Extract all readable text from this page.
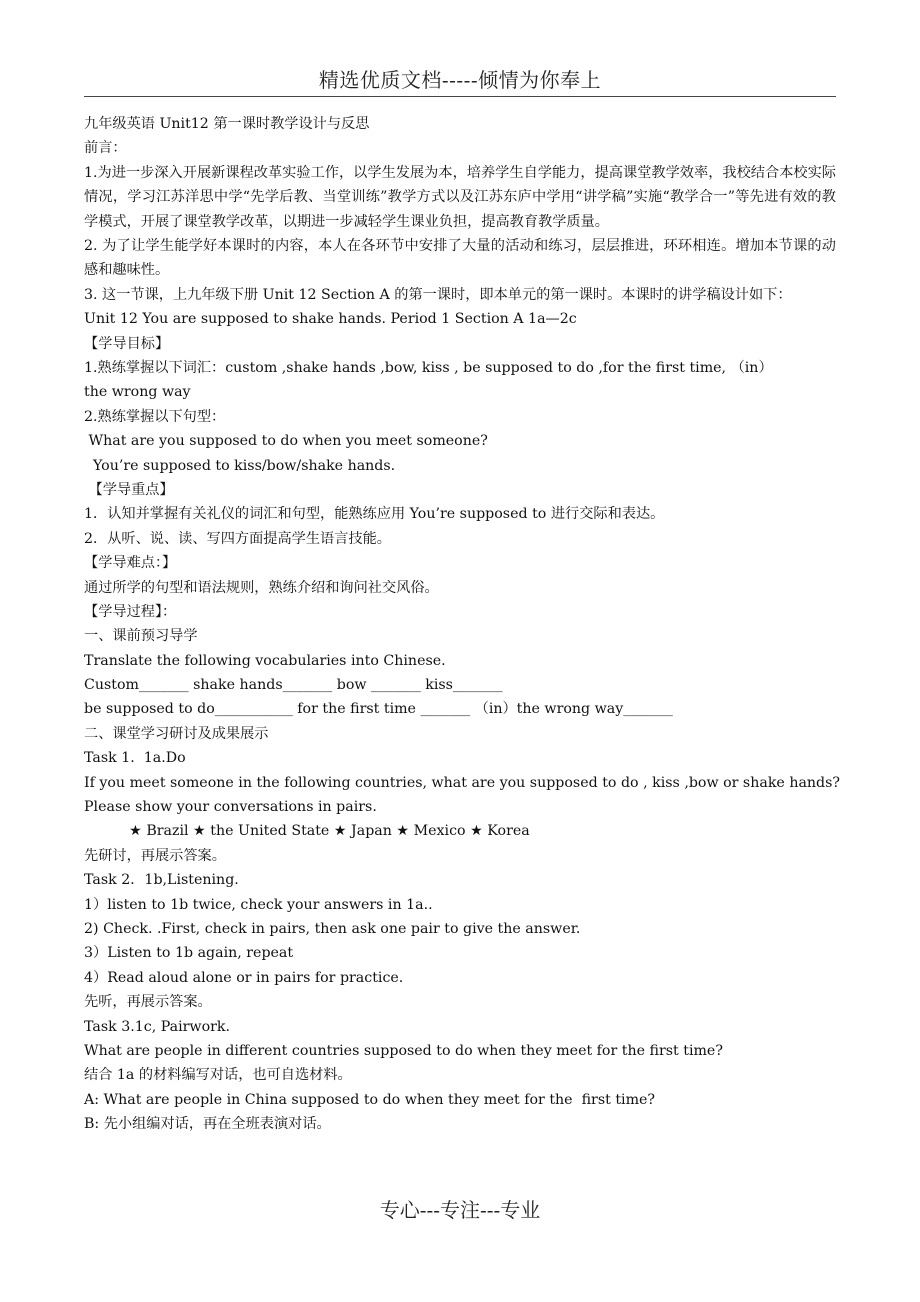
精选优质文档-----倾情为你奉上
九年级英语 Unit12 第一课时教学设计与反思
前言：
1.为进一步深入开展新课程改革实验工作，以学生发展为本，培养学生自学能力，提高课堂教学效率，我校结合本校实际情况，学习江苏洋思中学“先学后教、当堂训练”教学方式以及江苏东庐中学用“讲学稿”实施“教学合一”等先进有效的教学模式，开展了课堂教学改革，以期进一步减轻学生课业负担，提高教育教学质量。
2. 为了让学生能学好本课时的内容，本人在各环节中安排了大量的活动和练习，层层推进，环环相连。增加本节课的动感和趣味性。
3. 这一节课，上九年级下册 Unit 12 Section A 的第一课时，即本单元的第一课时。本课时的讲学稿设计如下：
Unit 12 You are supposed to shake hands. Period 1 Section A 1a—2c
【学导目标】
1.熟练掌握以下词汇：custom ,shake hands ,bow, kiss , be supposed to do ,for the first time, （in）
the wrong way
2.熟练掌握以下句型：
What are you supposed to do when you meet someone?
You’re supposed to kiss/bow/shake hands.
【学导重点】
1．认知并掌握有关礼仪的词汇和句型，能熟练应用 You’re supposed to 进行交际和表达。
2．从听、说、读、写四方面提高学生语言技能。
【学导难点：】
通过所学的句型和语法规则，熟练介绍和询问社交风俗。
【学导过程】：
一、课前预习导学
Translate the following vocabularies into Chinese.
Custom_______ shake hands_______ bow _______ kiss_______
be supposed to do___________ for the first time _______ （in）the wrong way_______
二、课堂学习研讨及成果展示
Task 1.  1a.Do
If you meet someone in the following countries, what are you supposed to do , kiss ,bow or shake hands?
Please show your conversations in pairs.
★ Brazil ★ the United State ★ Japan ★ Mexico ★ Korea
先研讨，再展示答案。
Task 2．1b,Listening.
1）listen to 1b twice, check your answers in 1a..
2) Check. .First, check in pairs, then ask one pair to give the answer.
3）Listen to 1b again, repeat
4）Read aloud alone or in pairs for practice.
先听，再展示答案。
Task 3.1c, Pairwork.
What are people in different countries supposed to do when they meet for the first time?
结合 1a 的材料编写对话，也可自选材料。
A: What are people in China supposed to do when they meet for the  first time?
B: 先小组编对话，再在全班表演对话。
专心---专注---专业
